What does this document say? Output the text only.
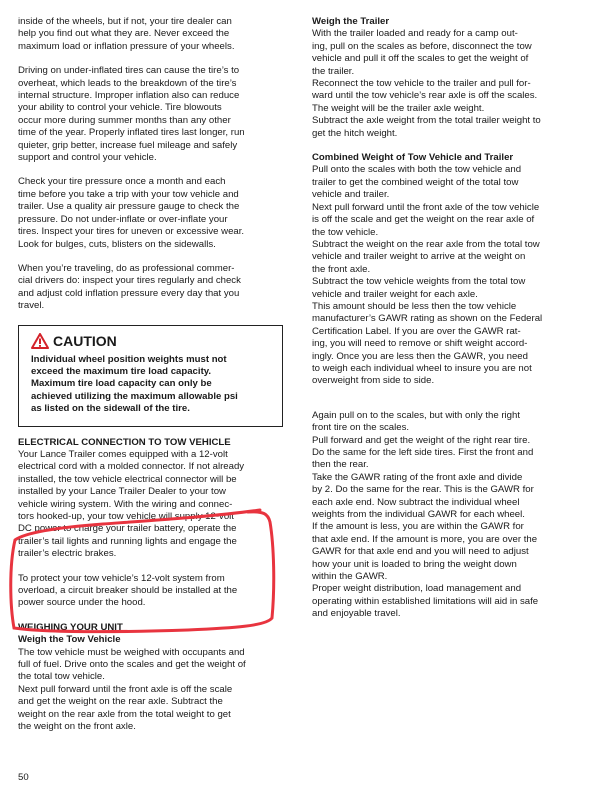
inside of the wheels, but if not, your tire dealer can
help you find out what they are. Never exceed the
maximum load or inflation pressure of your wheels.

Driving on under-inflated tires can cause the tire’s to
overheat, which leads to the breakdown of the tire’s
internal structure. Improper inflation also can reduce
your ability to control your vehicle. Tire blowouts
occur more during summer months than any other
time of the year. Properly inflated tires last longer, run
quieter, grip better, increase fuel mileage and safely
support and control your vehicle.

Check your tire pressure once a month and each
time before you take a trip with your tow vehicle and
trailer. Use a quality air pressure gauge to check the
pressure. Do not under-inflate or over-inflate your
tires. Inspect your tires for uneven or excessive wear.
Look for bulges, cuts, blisters on the sidewalls.

When you’re traveling, do as professional commer-
cial drivers do: inspect your tires regularly and check
and adjust cold inflation pressure every day that you
travel.

CAUTION
Individual wheel position weights must not
exceed the maximum tire load capacity.
Maximum tire load capacity can only be
achieved utilizing the maximum allowable psi
as listed on the sidewall of the tire.
ELECTRICAL CONNECTION TO TOW VEHICLE

Your Lance Trailer comes equipped with a 12-volt
electrical cord with a molded connector. If not already
installed, the tow vehicle electrical connector will be
installed by your Lance Trailer Dealer to your tow
vehicle wiring system. With the wiring and connec-
tors hooked-up, your tow vehicle will supply 12-volt
DC power to charge your trailer battery, operate the
trailer’s tail lights and running lights and engage the
trailer’s electric brakes.

To protect your tow vehicle’s 12-volt system from
overload, a circuit breaker should be installed at the
power source under the hood.

WEIGHING YOUR UNIT
Weigh the Tow Vehicle

The tow vehicle must be weighed with occupants and
full of fuel. Drive onto the scales and get the weight of
the total tow vehicle.
Next pull forward until the front axle is off the scale
and get the weight on the rear axle. Subtract the
weight on the rear axle from the total weight to get
the weight on the front axle.

Weigh the Trailer

With the trailer loaded and ready for a camp out-
ing, pull on the scales as before, disconnect the tow
vehicle and pull it off the scales to get the weight of
the trailer.
Reconnect the tow vehicle to the trailer and pull for-
ward until the tow vehicle’s rear axle is off the scales.
The weight will be the trailer axle weight.
Subtract the axle weight from the total trailer weight to
get the hitch weight.

Combined Weight of Tow Vehicle and Trailer

Pull onto the scales with both the tow vehicle and
trailer to get the combined weight of the total tow
vehicle and trailer.
Next pull forward until the front axle of the tow vehicle
is off the scale and get the weight on the rear axle of
the tow vehicle.
Subtract the weight on the rear axle from the total tow
vehicle and trailer weight to arrive at the weight on
the front axle.
Subtract the tow vehicle weights from the total tow
vehicle and trailer weight for each axle.
This amount should be less then the tow vehicle
manufacturer’s GAWR rating as shown on the Federal
Certification Label. If you are over the GAWR rat-
ing, you will need to remove or shift weight accord-
ingly. Once you are less then the GAWR, you need
to weigh each individual wheel to insure you are not
overweight from side to side.

Again pull on to the scales, but with only the right
front tire on the scales.
Pull forward and get the weight of the right rear tire.
Do the same for the left side tires. First the front and
then the rear.
Take the GAWR rating of the front axle and divide
by 2. Do the same for the rear. This is the GAWR for
each axle end. Now subtract the individual wheel
weights from the individual GAWR for each wheel.
If the amount is less, you are within the GAWR for
that axle end. If the amount is more, you are over the
GAWR for that axle end and you will need to adjust
how your unit is loaded to bring the weight down
within the GAWR.
Proper weight distribution, load management and
operating within established limitations will aid in safe
and enjoyable travel.

50
